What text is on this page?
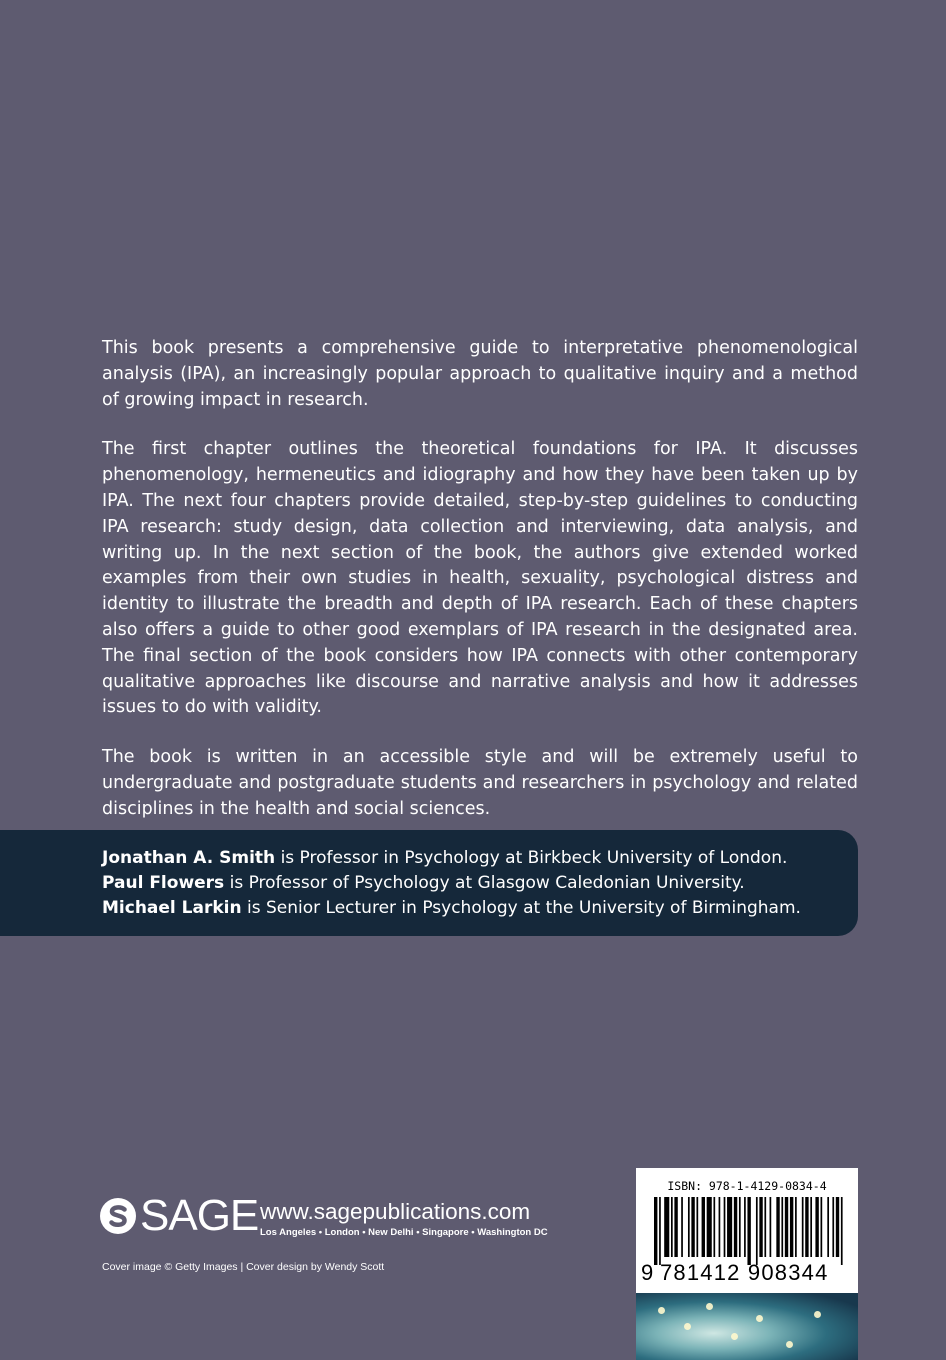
This book presents a comprehensive guide to interpretative phenomenological analysis (IPA), an increasingly popular approach to qualitative inquiry and a method of growing impact in research.

The first chapter outlines the theoretical foundations for IPA. It discusses phenomenology, hermeneutics and idiography and how they have been taken up by IPA. The next four chapters provide detailed, step-by-step guidelines to conducting IPA research: study design, data collection and interviewing, data analysis, and writing up. In the next section of the book, the authors give extended worked examples from their own studies in health, sexuality, psychological distress and identity to illustrate the breadth and depth of IPA research. Each of these chapters also offers a guide to other good exemplars of IPA research in the designated area. The final section of the book considers how IPA connects with other contemporary qualitative approaches like discourse and narrative analysis and how it addresses issues to do with validity.

The book is written in an accessible style and will be extremely useful to undergraduate and postgraduate students and researchers in psychology and related disciplines in the health and social sciences.

Jonathan A. Smith is Professor in Psychology at Birkbeck University of London.
Paul Flowers is Professor of Psychology at Glasgow Caledonian University.
Michael Larkin is Senior Lecturer in Psychology at the University of Birmingham.
SAGE www.sagepublications.com
Los Angeles • London • New Delhi • Singapore • Washington DC
Cover image © Getty Images | Cover design by Wendy Scott
ISBN: 978-1-4129-0834-4
9 781412 908344
